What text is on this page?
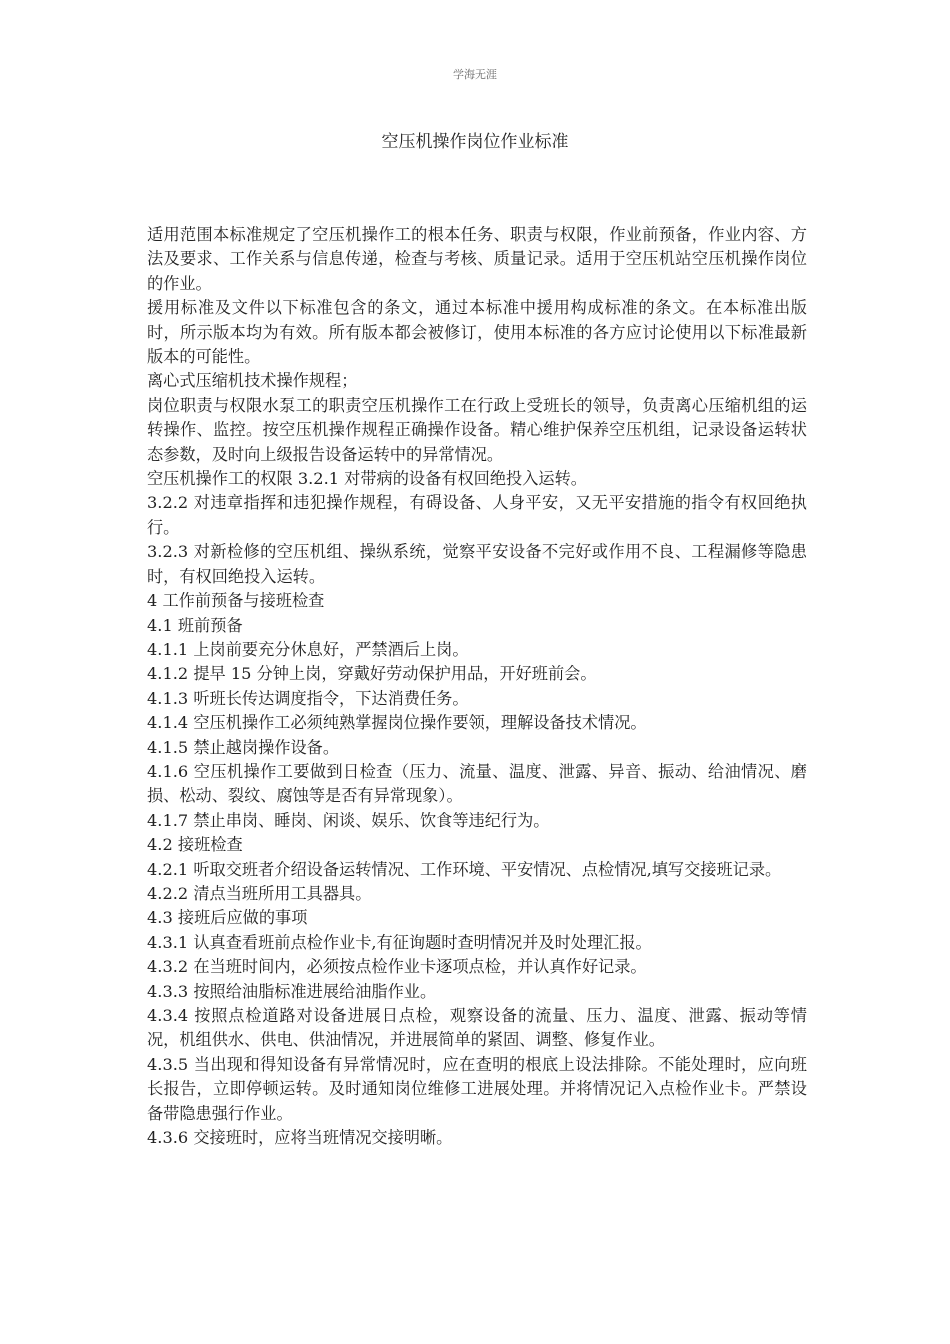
学海无涯
空压机操作岗位作业标准

适用范围本标准规定了空压机操作工的根本任务、职责与权限，作业前预备，作业内容、方法及要求、工作关系与信息传递，检查与考核、质量记录。适用于空压机站空压机操作岗位的作业。

援用标准及文件以下标准包含的条文，通过本标准中援用构成标准的条文。在本标准出版时，所示版本均为有效。所有版本都会被修订，使用本标准的各方应讨论使用以下标准最新版本的可能性。

离心式压缩机技术操作规程；

岗位职责与权限水泵工的职责空压机操作工在行政上受班长的领导，负责离心压缩机组的运转操作、监控。按空压机操作规程正确操作设备。精心维护保养空压机组，记录设备运转状态参数，及时向上级报告设备运转中的异常情况。

空压机操作工的权限 3.2.1 对带病的设备有权回绝投入运转。

3.2.2 对违章指挥和违犯操作规程，有碍设备、人身平安，又无平安措施的指令有权回绝执行。

3.2.3 对新检修的空压机组、操纵系统，觉察平安设备不完好或作用不良、工程漏修等隐患时，有权回绝投入运转。

4 工作前预备与接班检查

4.1 班前预备

4.1.1 上岗前要充分休息好，严禁酒后上岗。

4.1.2 提早 15 分钟上岗，穿戴好劳动保护用品，开好班前会。

4.1.3 听班长传达调度指令，下达消费任务。

4.1.4 空压机操作工必须纯熟掌握岗位操作要领，理解设备技术情况。

4.1.5 禁止越岗操作设备。

4.1.6 空压机操作工要做到日检查（压力、流量、温度、泄露、异音、振动、给油情况、磨损、松动、裂纹、腐蚀等是否有异常现象）。

4.1.7 禁止串岗、睡岗、闲谈、娱乐、饮食等违纪行为。

4.2 接班检查

4.2.1 听取交班者介绍设备运转情况、工作环境、平安情况、点检情况,填写交接班记录。

4.2.2 清点当班所用工具器具。

4.3 接班后应做的事项

4.3.1 认真查看班前点检作业卡,有征询题时查明情况并及时处理汇报。

4.3.2 在当班时间内，必须按点检作业卡逐项点检，并认真作好记录。

4.3.3 按照给油脂标准进展给油脂作业。

4.3.4 按照点检道路对设备进展日点检，观察设备的流量、压力、温度、泄露、振动等情况，机组供水、供电、供油情况，并进展简单的紧固、调整、修复作业。

4.3.5 当出现和得知设备有异常情况时，应在查明的根底上设法排除。不能处理时，应向班长报告，立即停顿运转。及时通知岗位维修工进展处理。并将情况记入点检作业卡。严禁设备带隐患强行作业。

4.3.6 交接班时，应将当班情况交接明晰。
